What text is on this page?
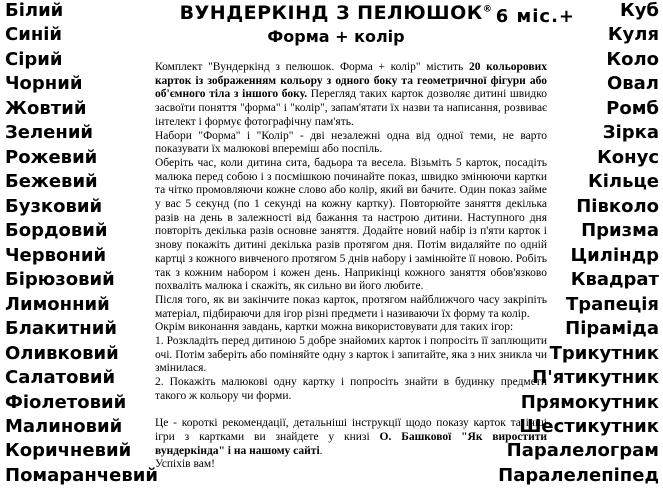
Білий
Синій
Сірий
Чорний
Жовтий
Зелений
Рожевий
Бежевий
Бузковий
Бордовий
Червоний
Бірюзовий
Лимонний
Блакитний
Оливковий
Салатовий
Фіолетовий
Малиновий
Коричневий
Помаранчевий
Куб
Куля
Коло
Овал
Ромб
Зірка
Конус
Кільце
Півколо
Призма
Циліндр
Квадрат
Трапеція
Піраміда
Трикутник
П'ятикутник
Прямокутник
Шестикутник
Паралелограм
Паралелепіпед
6 міс.+
ВУНДЕРКІНД З ПЕЛЮШОК®
Форма + колір

Комплект "Вундеркінд з пелюшок. Форма + колір" містить 20 кольорових карток із зображенням кольору з одного боку та геометричної фігури або об'ємного тіла з іншого боку. Перегляд таких карток дозволяє дитині швидко засвоїти поняття "форма" і "колір", запам'ятати їх назви та написання, розвиває інтелект і формує фотографічну пам'ять.

Набори "Форма" і "Колір" - дві незалежні одна від одної теми, не варто показувати їх малюкові впереміш або поспіль.

Оберіть час, коли дитина сита, бадьора та весела. Візьміть 5 карток, посадіть малюка перед собою і з посмішкою починайте показ, швидко змінюючи картки та чітко промовляючи кожне слово або колір, який ви бачите. Один показ займе у вас 5 секунд (по 1 секунді на кожну картку). Повторюйте заняття декілька разів на день в залежності від бажання та настрою дитини. Наступного дня повторіть декілька разів основне заняття. Додайте новий набір із п'яти карток і знову покажіть дитині декілька разів протягом дня. Потім видаляйте по одній картці з кожного вивченого протягом 5 днів набору і замінюйте її новою. Робіть так з кожним набором і кожен день. Наприкінці кожного заняття обов'язково похваліть малюка і скажіть, як сильно ви його любите.

Після того, як ви закінчите показ карток, протягом найближчого часу закріпіть матеріал, підбираючи для ігор різні предмети і називаючи їх форму та колір.

Окрім виконання завдань, картки можна використовувати для таких ігор:

1. Розкладіть перед дитиною 5 добре знайомих карток і попросіть її заплющити очі. Потім заберіть або поміняйте одну з карток і запитайте, яка з них зникла чи змінилася.

2. Покажіть малюкові одну картку і попросіть знайти в будинку предмети такого ж кольору чи форми.

Це - короткі рекомендації, детальніші інструкції щодо показу карток та інші ігри з картками ви знайдете у книзі О. Башкової "Як виростити вундеркінда" і на нашому сайті.

Успіхів вам!
